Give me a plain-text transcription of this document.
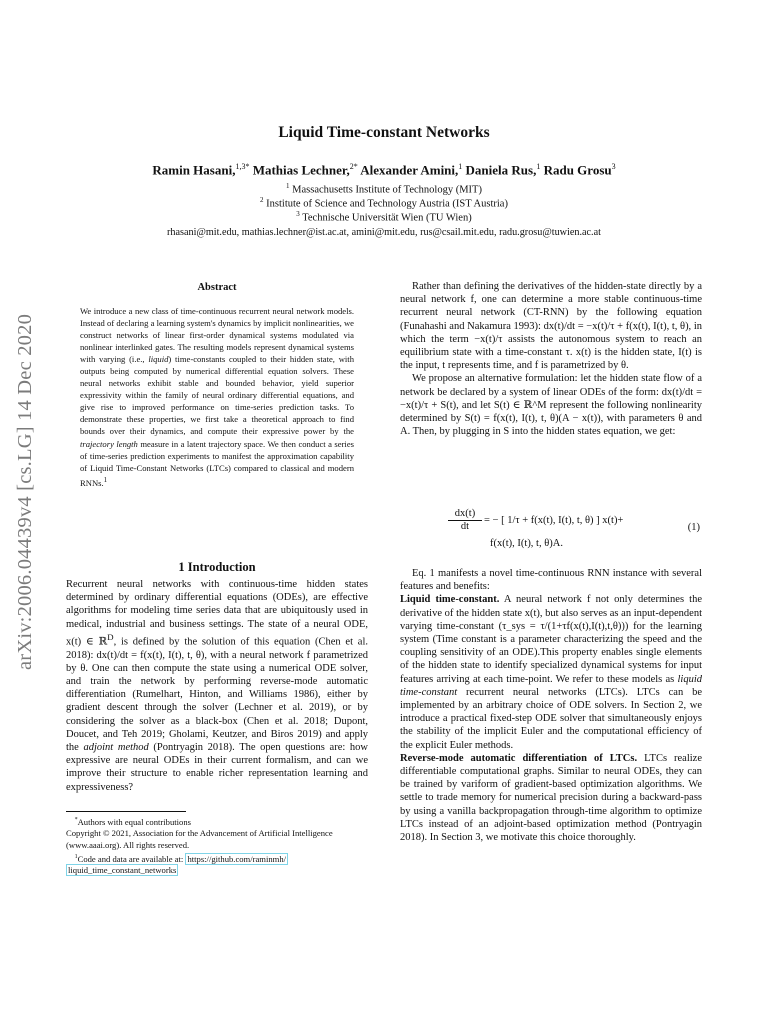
arXiv:2006.04439v4 [cs.LG] 14 Dec 2020
Liquid Time-constant Networks
Ramin Hasani,$^{1,3*}$ Mathias Lechner,$^{2*}$ Alexander Amini,$^1$ Daniela Rus,$^1$ Radu Grosu$^3$
$^1$ Massachusetts Institute of Technology (MIT)
$^2$ Institute of Science and Technology Austria (IST Austria)
$^3$ Technische Universität Wien (TU Wien)
rhasani@mit.edu, mathias.lechner@ist.ac.at, amini@mit.edu, rus@csail.mit.edu, radu.grosu@tuwien.ac.at
Abstract
We introduce a new class of time-continuous recurrent neural network models. Instead of declaring a learning system's dynamics by implicit nonlinearities, we construct networks of linear first-order dynamical systems modulated via nonlinear interlinked gates. The resulting models represent dynamical systems with varying (i.e., liquid) time-constants coupled to their hidden state, with outputs being computed by numerical differential equation solvers. These neural networks exhibit stable and bounded behavior, yield superior expressivity within the family of neural ordinary differential equations, and give rise to improved performance on time-series prediction tasks. To demonstrate these properties, we first take a theoretical approach to find bounds over their dynamics, and compute their expressive power by the trajectory length measure in a latent trajectory space. We then conduct a series of time-series prediction experiments to manifest the approximation capability of Liquid Time-Constant Networks (LTCs) compared to classical and modern RNNs.$^1$
1 Introduction
Recurrent neural networks with continuous-time hidden states determined by ordinary differential equations (ODEs), are effective algorithms for modeling time series data that are ubiquitously used in medical, industrial and business settings. The state of a neural ODE, x(t) ∈ ℝ$^D$, is defined by the solution of this equation (Chen et al. 2018): dx(t)/dt = f(x(t), I(t), t, θ), with a neural network f parametrized by θ. One can then compute the state using a numerical ODE solver, and train the network by performing reverse-mode automatic differentiation (Rumelhart, Hinton, and Williams 1986), either by gradient descent through the solver (Lechner et al. 2019), or by considering the solver as a black-box (Chen et al. 2018; Dupont, Doucet, and Teh 2019; Gholami, Keutzer, and Biros 2019) and apply the adjoint method (Pontryagin 2018). The open questions are: how expressive are neural ODEs in their current formalism, and can we improve their structure to enable richer representation learning and expressiveness?

*Authors with equal contributions

Copyright © 2021, Association for the Advancement of Artificial Intelligence (www.aaai.org). All rights reserved.

$^1$Code and data are available at: https://github.com/raminmh/
liquid_time_constant_networks

Rather than defining the derivatives of the hidden-state directly by a neural network f, one can determine a more stable continuous-time recurrent neural network (CT-RNN) by the following equation (Funahashi and Nakamura 1993): dx(t)/dt = −x(t)/τ + f(x(t), I(t), t, θ), in which the term −x(t)/τ assists the autonomous system to reach an equilibrium state with a time-constant τ. x(t) is the hidden state, I(t) is the input, t represents time, and f is parametrized by θ.

We propose an alternative formulation: let the hidden state flow of a network be declared by a system of linear ODEs of the form: dx(t)/dt = −x(t)/τ + S(t), and let S(t) ∈ ℝ^M represent the following nonlinearity determined by S(t) = f(x(t), I(t), t, θ)(A − x(t)), with parameters θ and A. Then, by plugging in S into the hidden states equation, we get:

$\frac{dx(t)}{dt}$ = − [ 1/τ + f(x(t), I(t), t, θ) ] x(t)+
f(x(t), I(t), t, θ)A.
(1)

Eq. 1 manifests a novel time-continuous RNN instance with several features and benefits:

Liquid time-constant. A neural network f not only determines the derivative of the hidden state x(t), but also serves as an input-dependent varying time-constant (τ_sys = τ/(1+τf(x(t),I(t),t,θ))) for the learning system (Time constant is a parameter characterizing the speed and the coupling sensitivity of an ODE).This property enables single elements of the hidden state to identify specialized dynamical systems for input features arriving at each time-point. We refer to these models as liquid time-constant recurrent neural networks (LTCs). LTCs can be implemented by an arbitrary choice of ODE solvers. In Section 2, we introduce a practical fixed-step ODE solver that simultaneously enjoys the stability of the implicit Euler and the computational efficiency of the explicit Euler methods.

Reverse-mode automatic differentiation of LTCs. LTCs realize differentiable computational graphs. Similar to neural ODEs, they can be trained by variform of gradient-based optimization algorithms. We settle to trade memory for numerical precision during a backward-pass by using a vanilla backpropagation through-time algorithm to optimize LTCs instead of an adjoint-based optimization method (Pontryagin 2018). In Section 3, we motivate this choice thoroughly.
